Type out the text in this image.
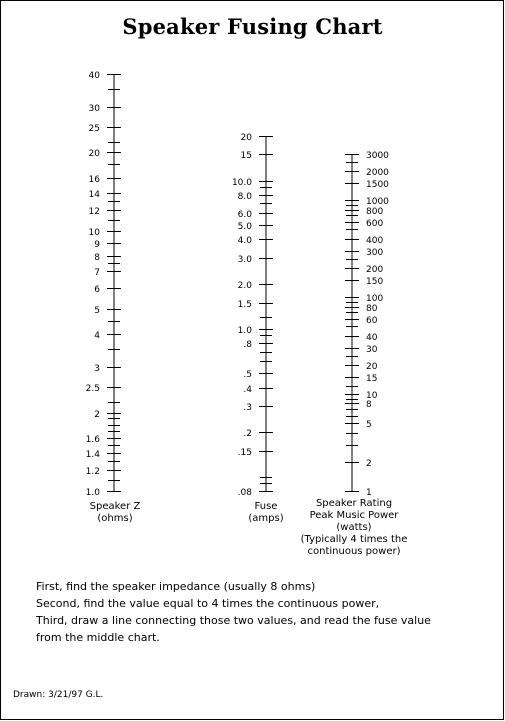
Speaker Fusing Chart
1.0
1.2
1.4
1.6
2
2.5
3
4
5
6
7
8
9
10
12
14
16
20
25
30
40
20
15
10.0
8.0
6.0
5.0
4.0
3.0
2.0
1.5
1.0
.8
.5
.4
.3
.2
.15
.08
3000
2000
1500
1000
800
600
400
300
200
150
100
80
60
40
30
20
15
10
8
5
2
1
Speaker Z
(ohms)
Fuse
(amps)
Speaker Rating
Peak Music Power
(watts)
(Typically 4 times the
continuous power)
First, find the speaker impedance (usually 8 ohms)
Second, find the value equal to 4 times the continuous power,
Third, draw a line connecting those two values, and read the fuse value
from the middle chart.
Drawn: 3/21/97 G.L.
